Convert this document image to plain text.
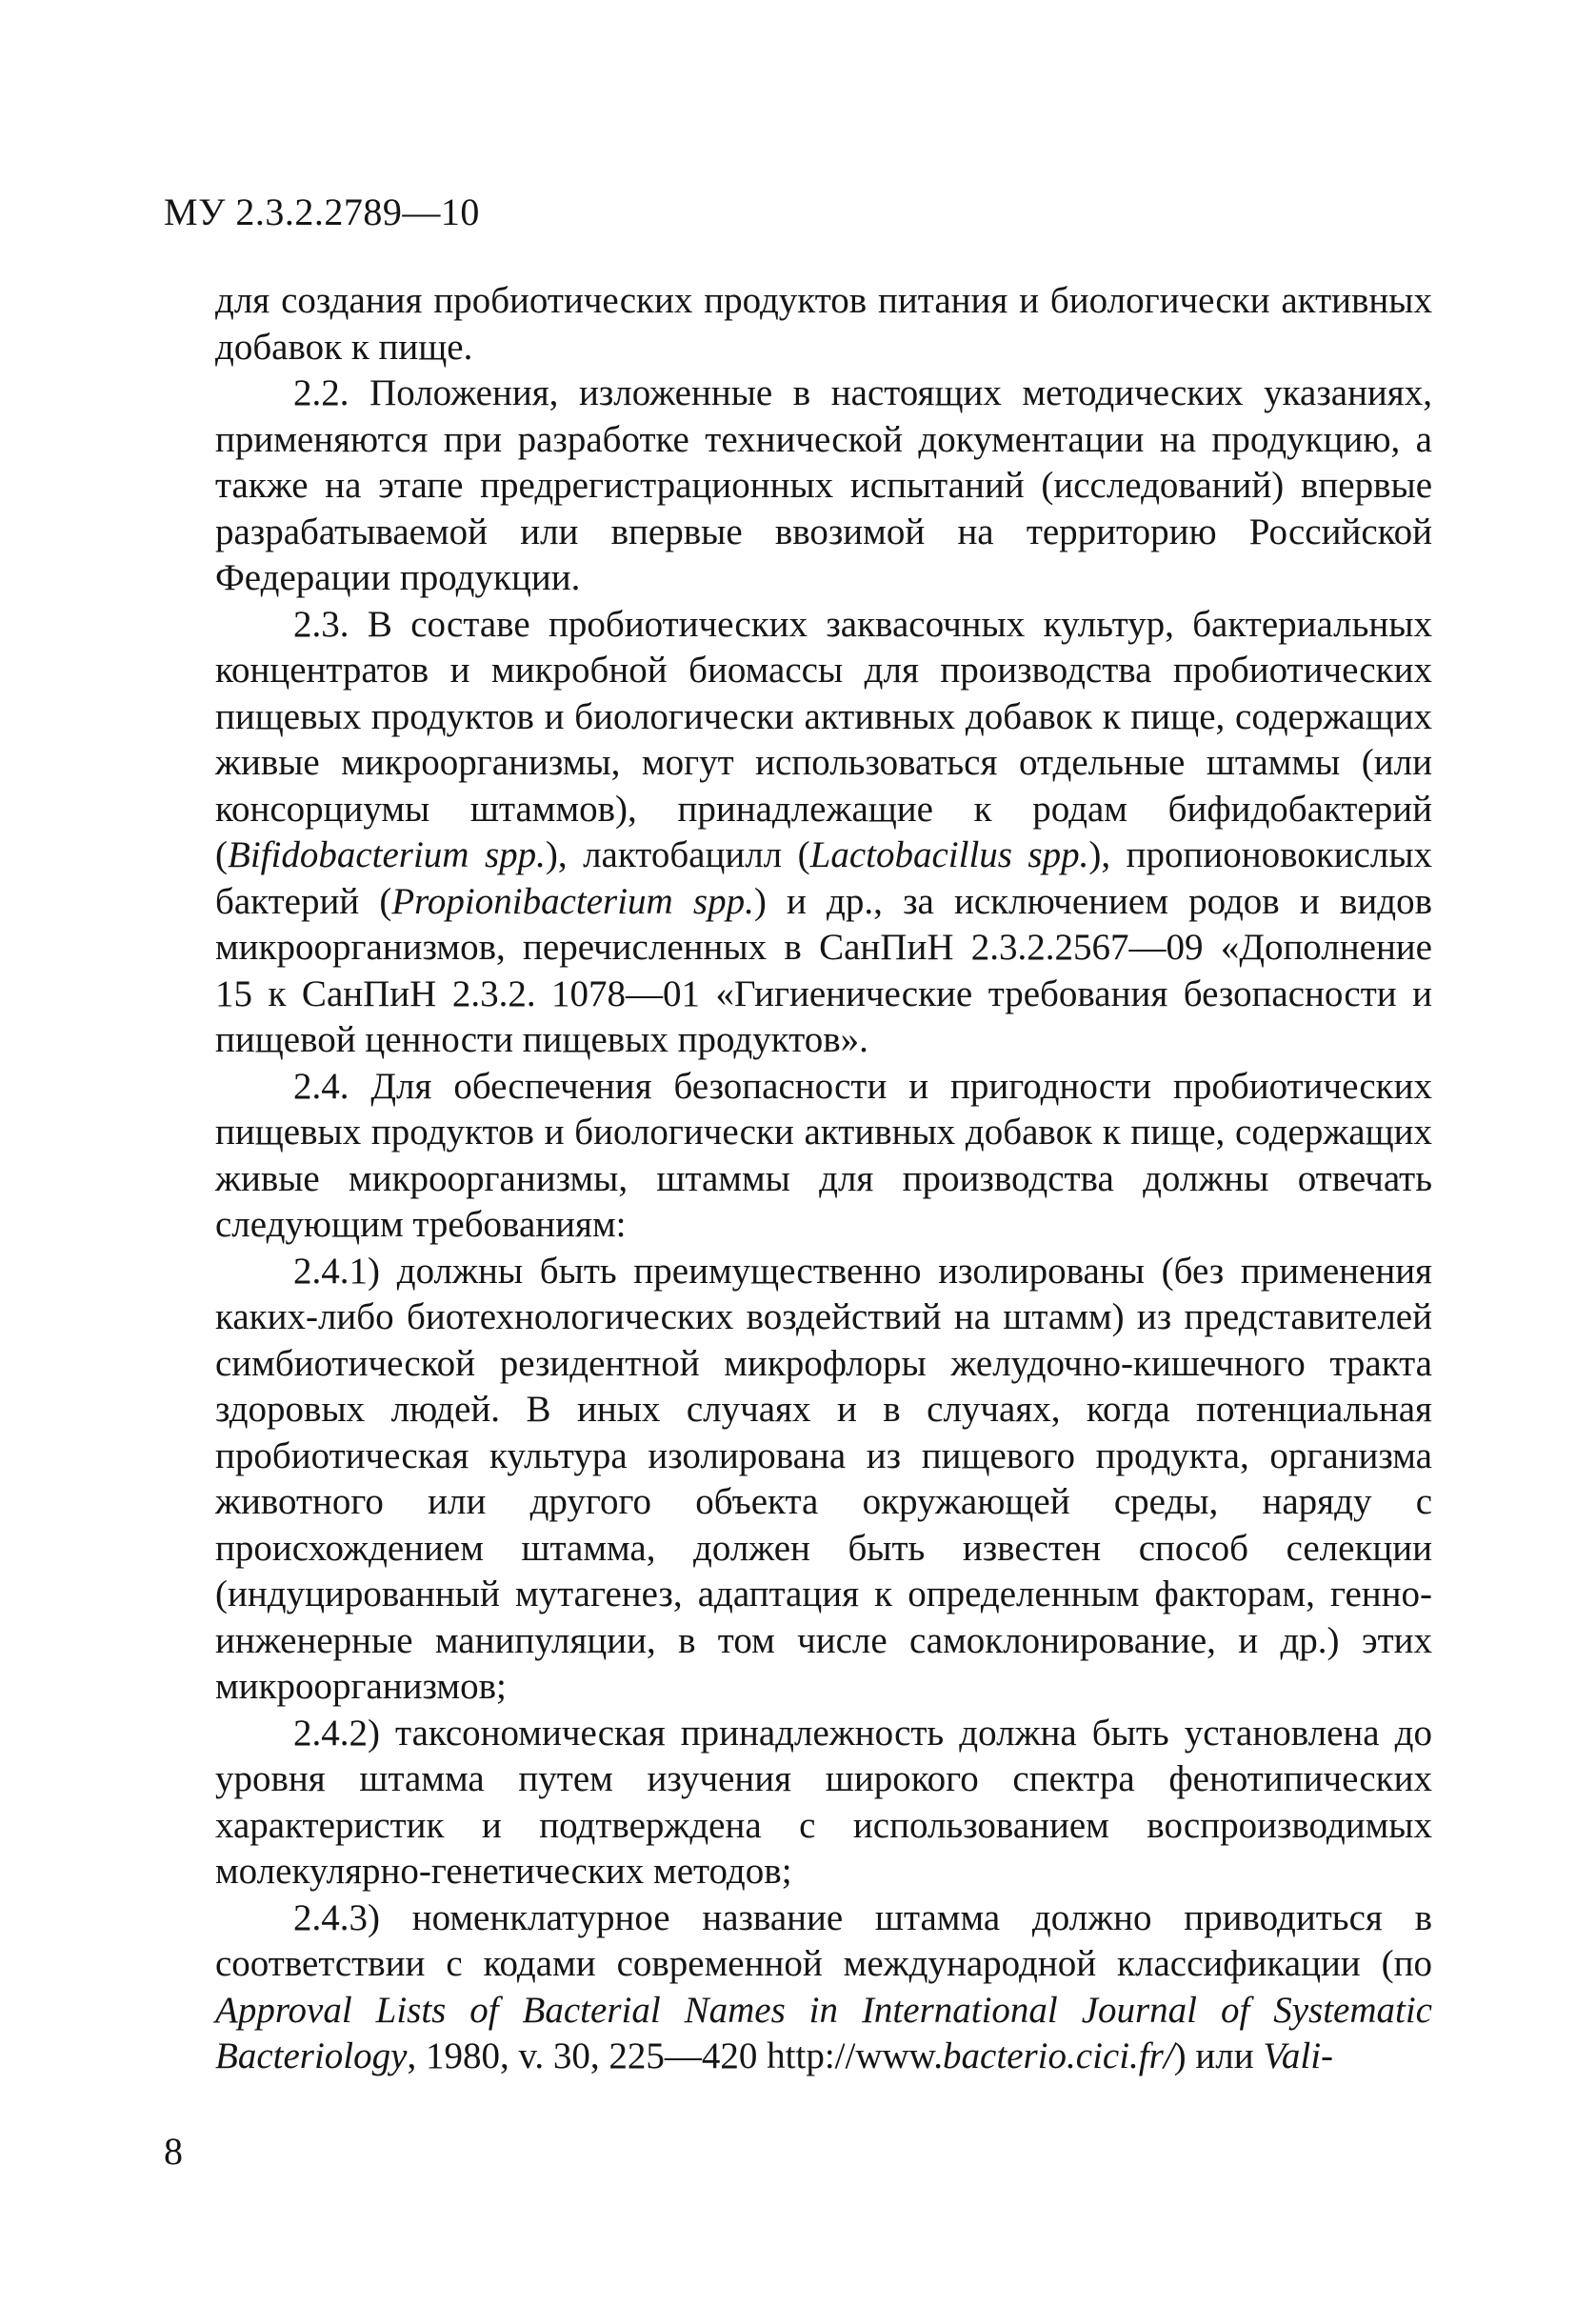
МУ 2.3.2.2789—10

для создания пробиотических продуктов питания и биологически активных добавок к пище.

2.2. Положения, изложенные в настоящих методических указаниях, применяются при разработке технической документации на продукцию, а также на этапе предрегистрационных испытаний (исследований) впервые разрабатываемой или впервые ввозимой на территорию Российской Федерации продукции.

2.3. В составе пробиотических заквасочных культур, бактериальных концентратов и микробной биомассы для производства пробиотических пищевых продуктов и биологически активных добавок к пище, содержащих живые микроорганизмы, могут использоваться отдельные штаммы (или консорциумы штаммов), принадлежащие к родам бифидобактерий (Bifidobacterium spp.), лактобацилл (Lactobacillus spp.), пропионовокислых бактерий (Propionibacterium spp.) и др., за исключением родов и видов микроорганизмов, перечисленных в СанПиН 2.3.2.2567—09 «Дополнение 15 к СанПиН 2.3.2. 1078—01 «Гигиенические требования безопасности и пищевой ценности пищевых продуктов».

2.4. Для обеспечения безопасности и пригодности пробиотических пищевых продуктов и биологически активных добавок к пище, содержащих живые микроорганизмы, штаммы для производства должны отвечать следующим требованиям:

2.4.1) должны быть преимущественно изолированы (без применения каких-либо биотехнологических воздействий на штамм) из представителей симбиотической резидентной микрофлоры желудочно-кишечного тракта здоровых людей. В иных случаях и в случаях, когда потенциальная пробиотическая культура изолирована из пищевого продукта, организма животного или другого объекта окружающей среды, наряду с происхождением штамма, должен быть известен способ селекции (индуцированный мутагенез, адаптация к определенным факторам, генно-инженерные манипуляции, в том числе самоклонирование, и др.) этих микроорганизмов;

2.4.2) таксономическая принадлежность должна быть установлена до уровня штамма путем изучения широкого спектра фенотипических характеристик и подтверждена с использованием воспроизводимых молекулярно-генетических методов;

2.4.3) номенклатурное название штамма должно приводиться в соответствии с кодами современной международной классификации (по Approval Lists of Bacterial Names in International Journal of Systematic Bacteriology, 1980, v. 30, 225—420 http://www.bacterio.cici.fr/) или Vali-

8
